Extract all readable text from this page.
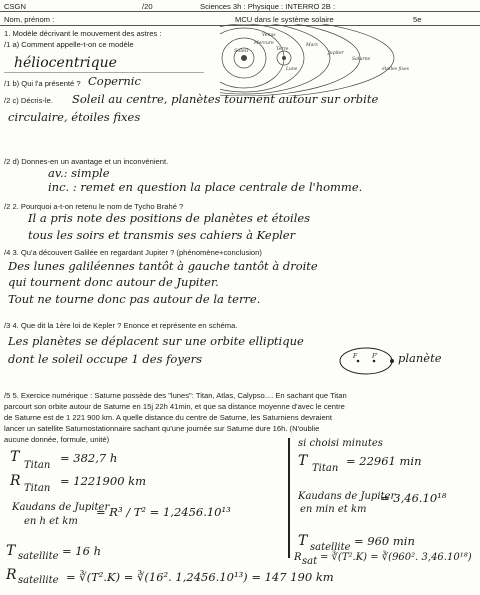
CSGN	/20	Sciences 3h : Physique : INTERRO 2B :
Nom, prénom :	MCU dans le système solaire	5e
1. Modèle décrivant le mouvement des astres :
/1 a) Comment appelle-t-on ce modèle
héliocentrique
Soleil
Mercure
Venus
Terre
Lune
Mars
Jupiter
Saturne
étoiles fixes
/1 b) Qui l'a présenté ? Copernic
/2 c) Décris-le. Soleil au centre, planètes tournent autour sur orbite
circulaire, étoiles fixes
/2 d) Donnes-en un avantage et un inconvénient.
av.: simple
inc. : remet en question la place centrale de l'homme.
/2 2. Pourquoi a-t-on retenu le nom de Tycho Brahé ?
Il a pris note des positions de planètes et étoiles
tous les soirs et transmis ses cahiers à Kepler
/4 3. Qu'a découvert Galilée en regardant Jupiter ? (phénomène+conclusion)
Des lunes galiléennes tantôt à gauche tantôt à droite
qui tournent donc autour de Jupiter.
Tout ne tourne donc pas autour de la terre.
/3 4. Que dit la 1ère loi de Kepler ? Enonce et représente en schéma.
Les planètes se déplacent sur une orbite elliptique
dont le soleil occupe 1 des foyers	F F' planète
/5 5. Exercice numérique : Saturne possède des "lunes": Titan, Atlas, Calypso.... En sachant que Titan
parcourt son orbite autour de Saturne en 15j 22h 41min, et que sa distance moyenne d'avec le centre
de Saturne est de 1 221 900 km. A quelle distance du centre de Saturne, les Saturniens devraient
lancer un satellite Saturnostationnaire sachant qu'une journée sur Saturne dure 16h. (N'oublie
aucune donnée, formule, unité)
T
Titan
= 382,7 h
R Titan
= 1221900 km
Kaudans de Jupiter
en h et km
= R³ / T² = 1,2456.10¹³
T satellite = 16 h
R satellite = ∛(T².K) = ∛(16². 1,2456.10¹³) = 147 190 km
si choisi minutes
T Titan
= 22961 min
Kaudans de Jupiter
en min et km
= 3,46.10¹⁸
T satellite = 960 min
R sat = ∛(T².K) = ∛(960². 3,46.10¹⁸)
